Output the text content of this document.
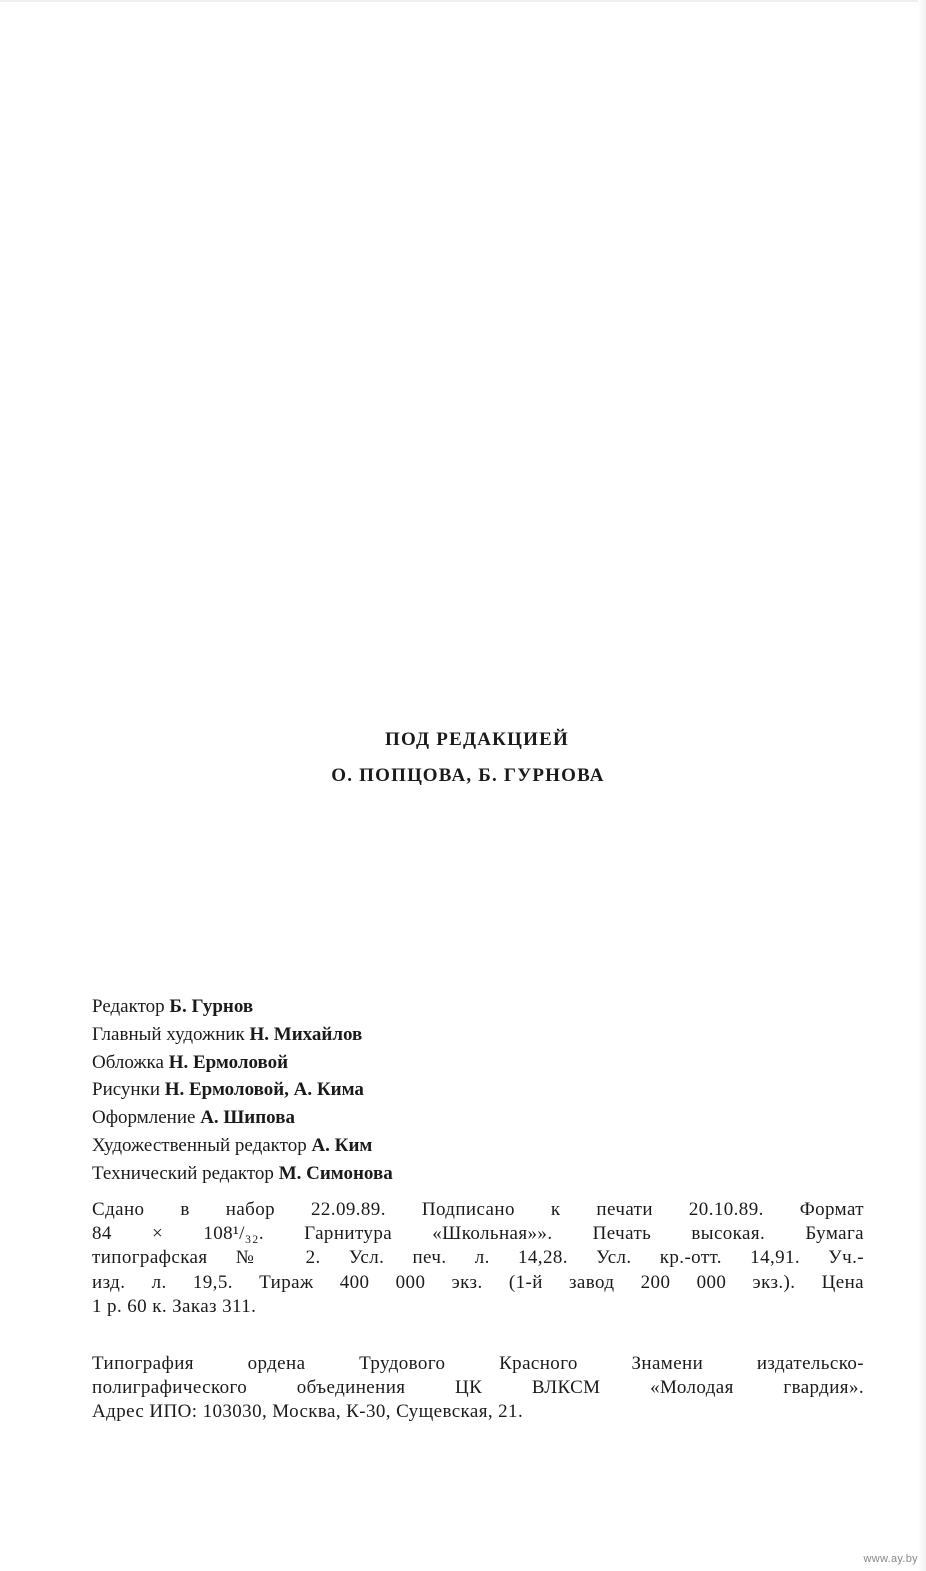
ПОД РЕДАКЦИЕЙ
О. ПОПЦОВА, Б. ГУРНОВА
Редактор Б. Гурнов
Главный художник Н. Михайлов
Обложка Н. Ермоловой
Рисунки Н. Ермоловой, А. Кима
Оформление А. Шипова
Художественный редактор А. Ким
Технический редактор М. Симонова
Сдано в набор 22.09.89. Подписано к печати 20.10.89. Формат
84 × 108¹/₃₂. Гарнитура «Школьная»». Печать высокая. Бумага
типографская № 2. Усл. печ. л. 14,28. Усл. кр.-отт. 14,91. Уч.-
изд. л. 19,5. Тираж 400 000 экз. (1-й завод 200 000 экз.). Цена
1 р. 60 к. Заказ 311.
Типография ордена Трудового Красного Знамени издательско-
полиграфического объединения ЦК ВЛКСМ «Молодая гвардия».
Адрес ИПО: 103030, Москва, К-30, Сущевская, 21.
www.ay.by
